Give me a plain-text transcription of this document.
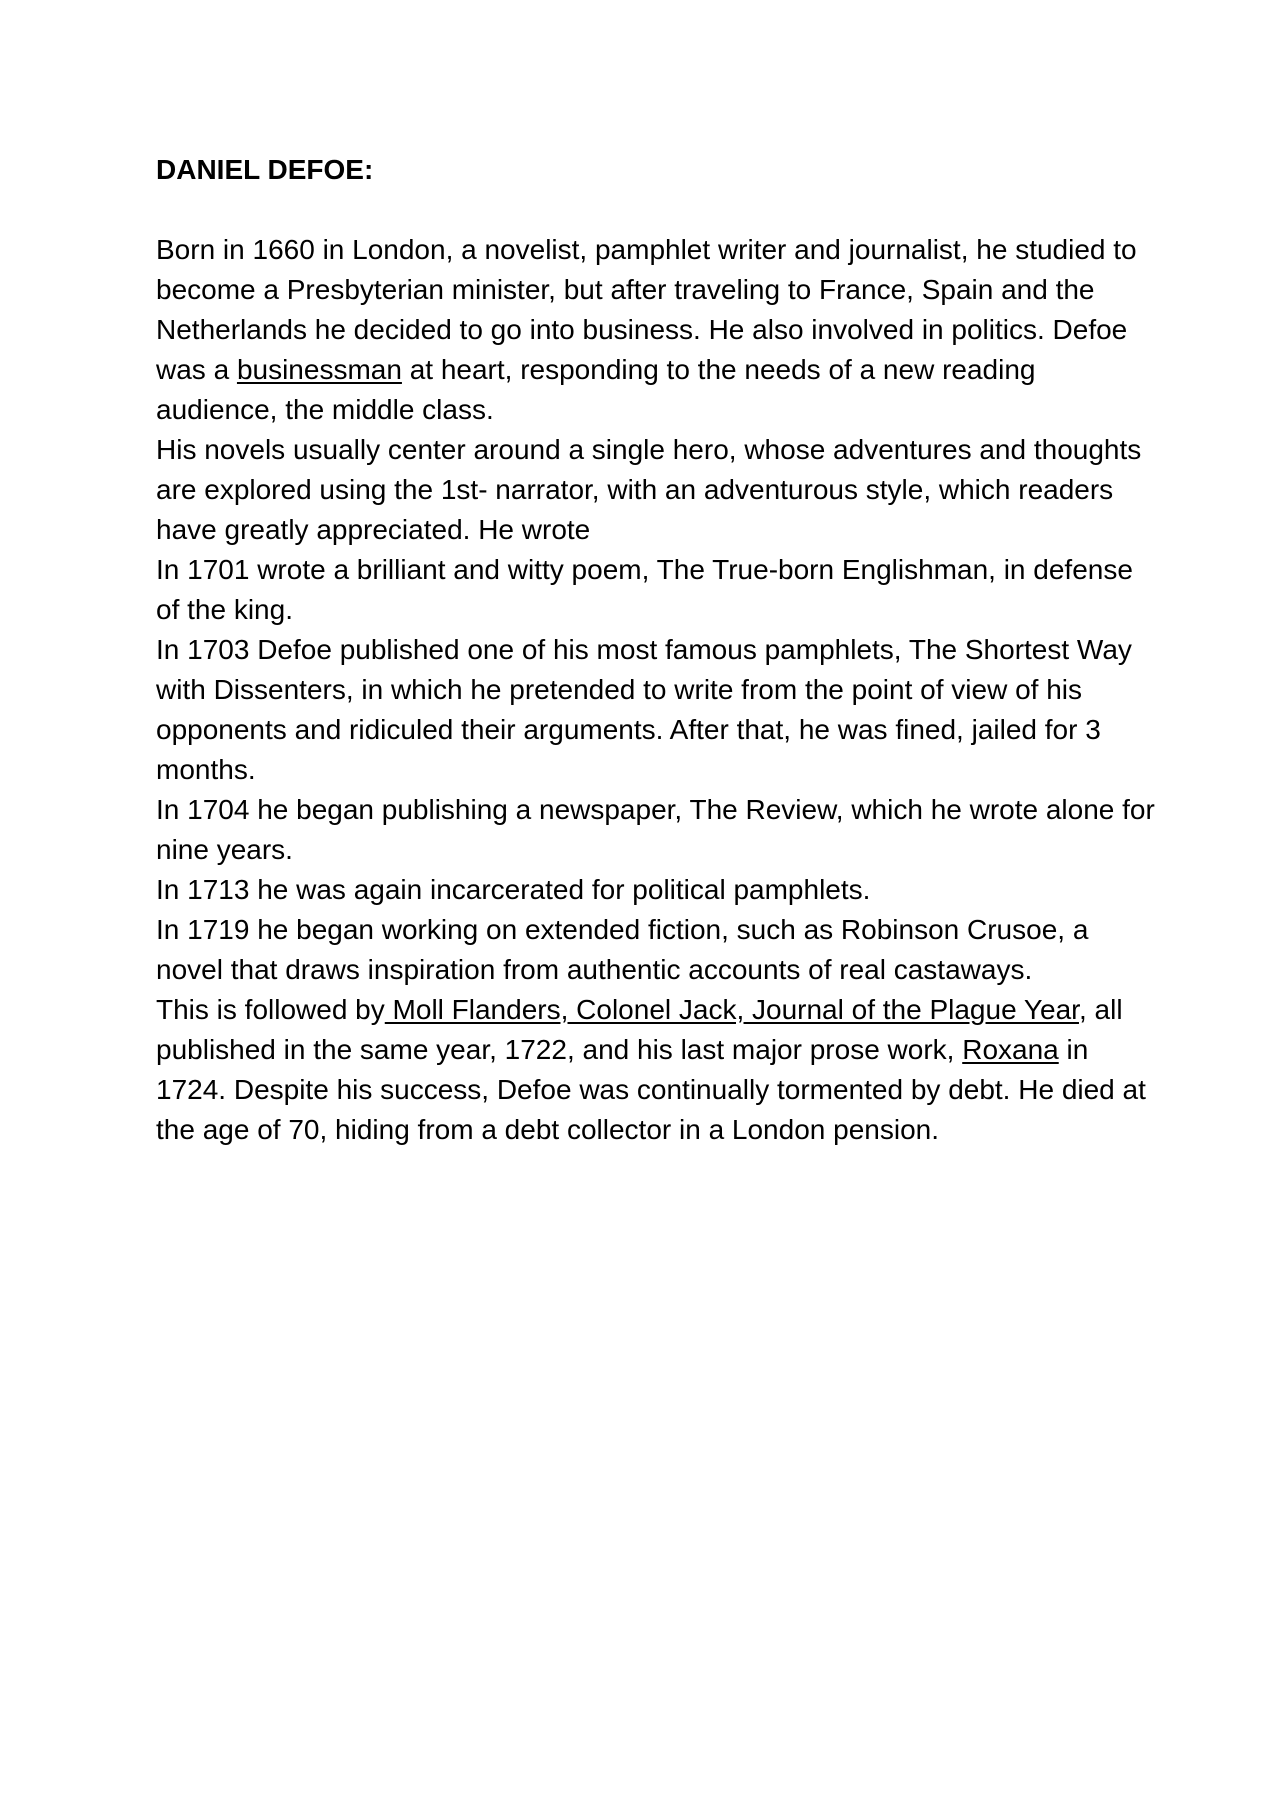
DANIEL DEFOE:

Born in 1660 in London, a novelist, pamphlet writer and journalist, he studied to become a Presbyterian minister, but after traveling to France, Spain and the Netherlands he decided to go into business. He also involved in politics. Defoe was a businessman at heart, responding to the needs of a new reading audience, the middle class.

His novels usually center around a single hero, whose adventures and thoughts are explored using the 1st- narrator, with an adventurous style, which readers have greatly appreciated. He wrote

In 1701 wrote a brilliant and witty poem, The True-born Englishman, in defense of the king.

In 1703 Defoe published one of his most famous pamphlets, The Shortest Way with Dissenters, in which he pretended to write from the point of view of his opponents and ridiculed their arguments. After that, he was fined, jailed for 3 months.

In 1704 he began publishing a newspaper, The Review, which he wrote alone for nine years.

In 1713 he was again incarcerated for political pamphlets.

In 1719 he began working on extended fiction, such as Robinson Crusoe, a novel that draws inspiration from authentic accounts of real castaways.

This is followed by Moll Flanders, Colonel Jack, Journal of the Plague Year, all published in the same year, 1722, and his last major prose work, Roxana in 1724. Despite his success, Defoe was continually tormented by debt. He died at the age of 70, hiding from a debt collector in a London pension.
